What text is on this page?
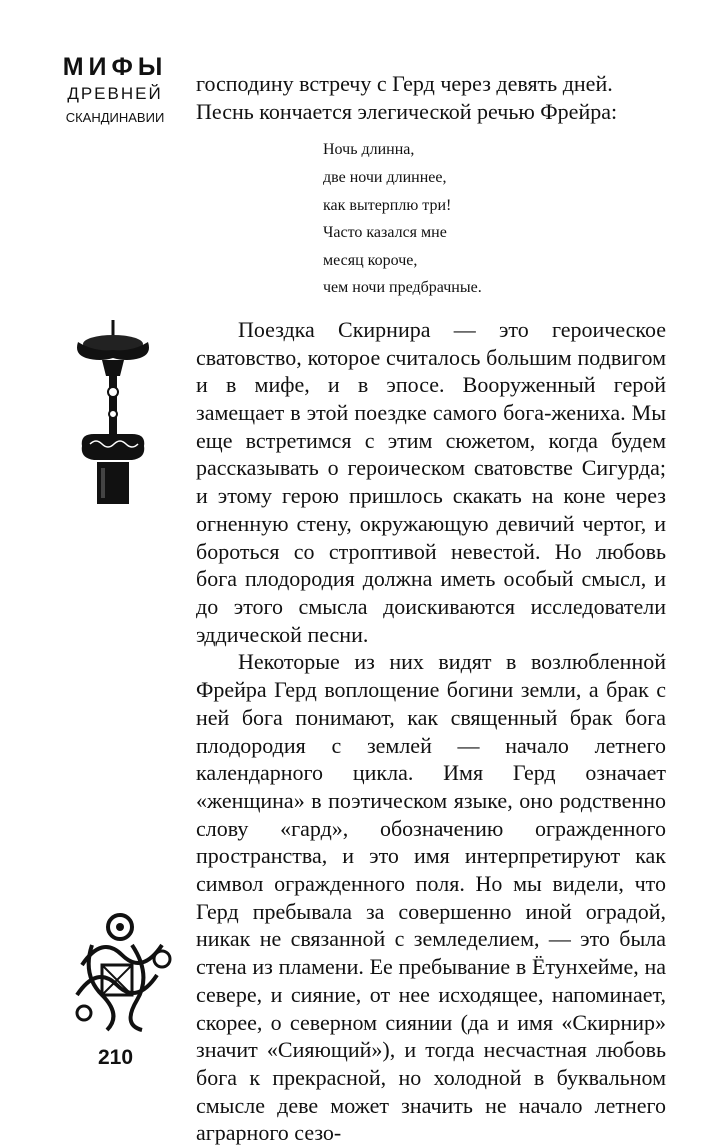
МИФЫ
ДРЕВНЕЙ
СКАНДИНАВИИ

господину встречу с Герд через девять дней.

Песнь кончается элегической речью Фрейра:

Ночь длинна,
две ночи длиннее,
как вытерплю три!
Часто казался мне
месяц короче,
чем ночи предбрачные.

Поездка Скирнира — это героическое сватовство, которое считалось большим подвигом и в мифе, и в эпосе. Вооруженный герой замещает в этой поездке самого бога-жениха. Мы еще встретимся с этим сюжетом, когда будем рассказывать о героическом сватовстве Сигурда; и этому герою пришлось скакать на коне через огненную стену, окружающую девичий чертог, и бороться со строптивой невестой. Но любовь бога плодородия должна иметь особый смысл, и до этого смысла доискиваются исследователи эддической песни.

Некоторые из них видят в возлюбленной Фрейра Герд воплощение богини земли, а брак с ней бога понимают, как священный брак бога плодородия с землей — начало летнего календарного цикла. Имя Герд означает «женщина» в поэтическом языке, оно родственно слову «гард», обозначению огражденного пространства, и это имя интерпретируют как символ огражденного поля. Но мы видели, что Герд пребывала за совершенно иной оградой, никак не связанной с земледелием, — это была стена из пламени. Ее пребывание в Ётунхейме, на севере, и сияние, от нее исходящее, напоминает, скорее, о северном сиянии (да и имя «Скирнир» значит «Сияющий»), и тогда несчастная любовь бога к прекрасной, но холодной в буквальном смысле деве может значить не начало летнего аграрного сезо-

210
